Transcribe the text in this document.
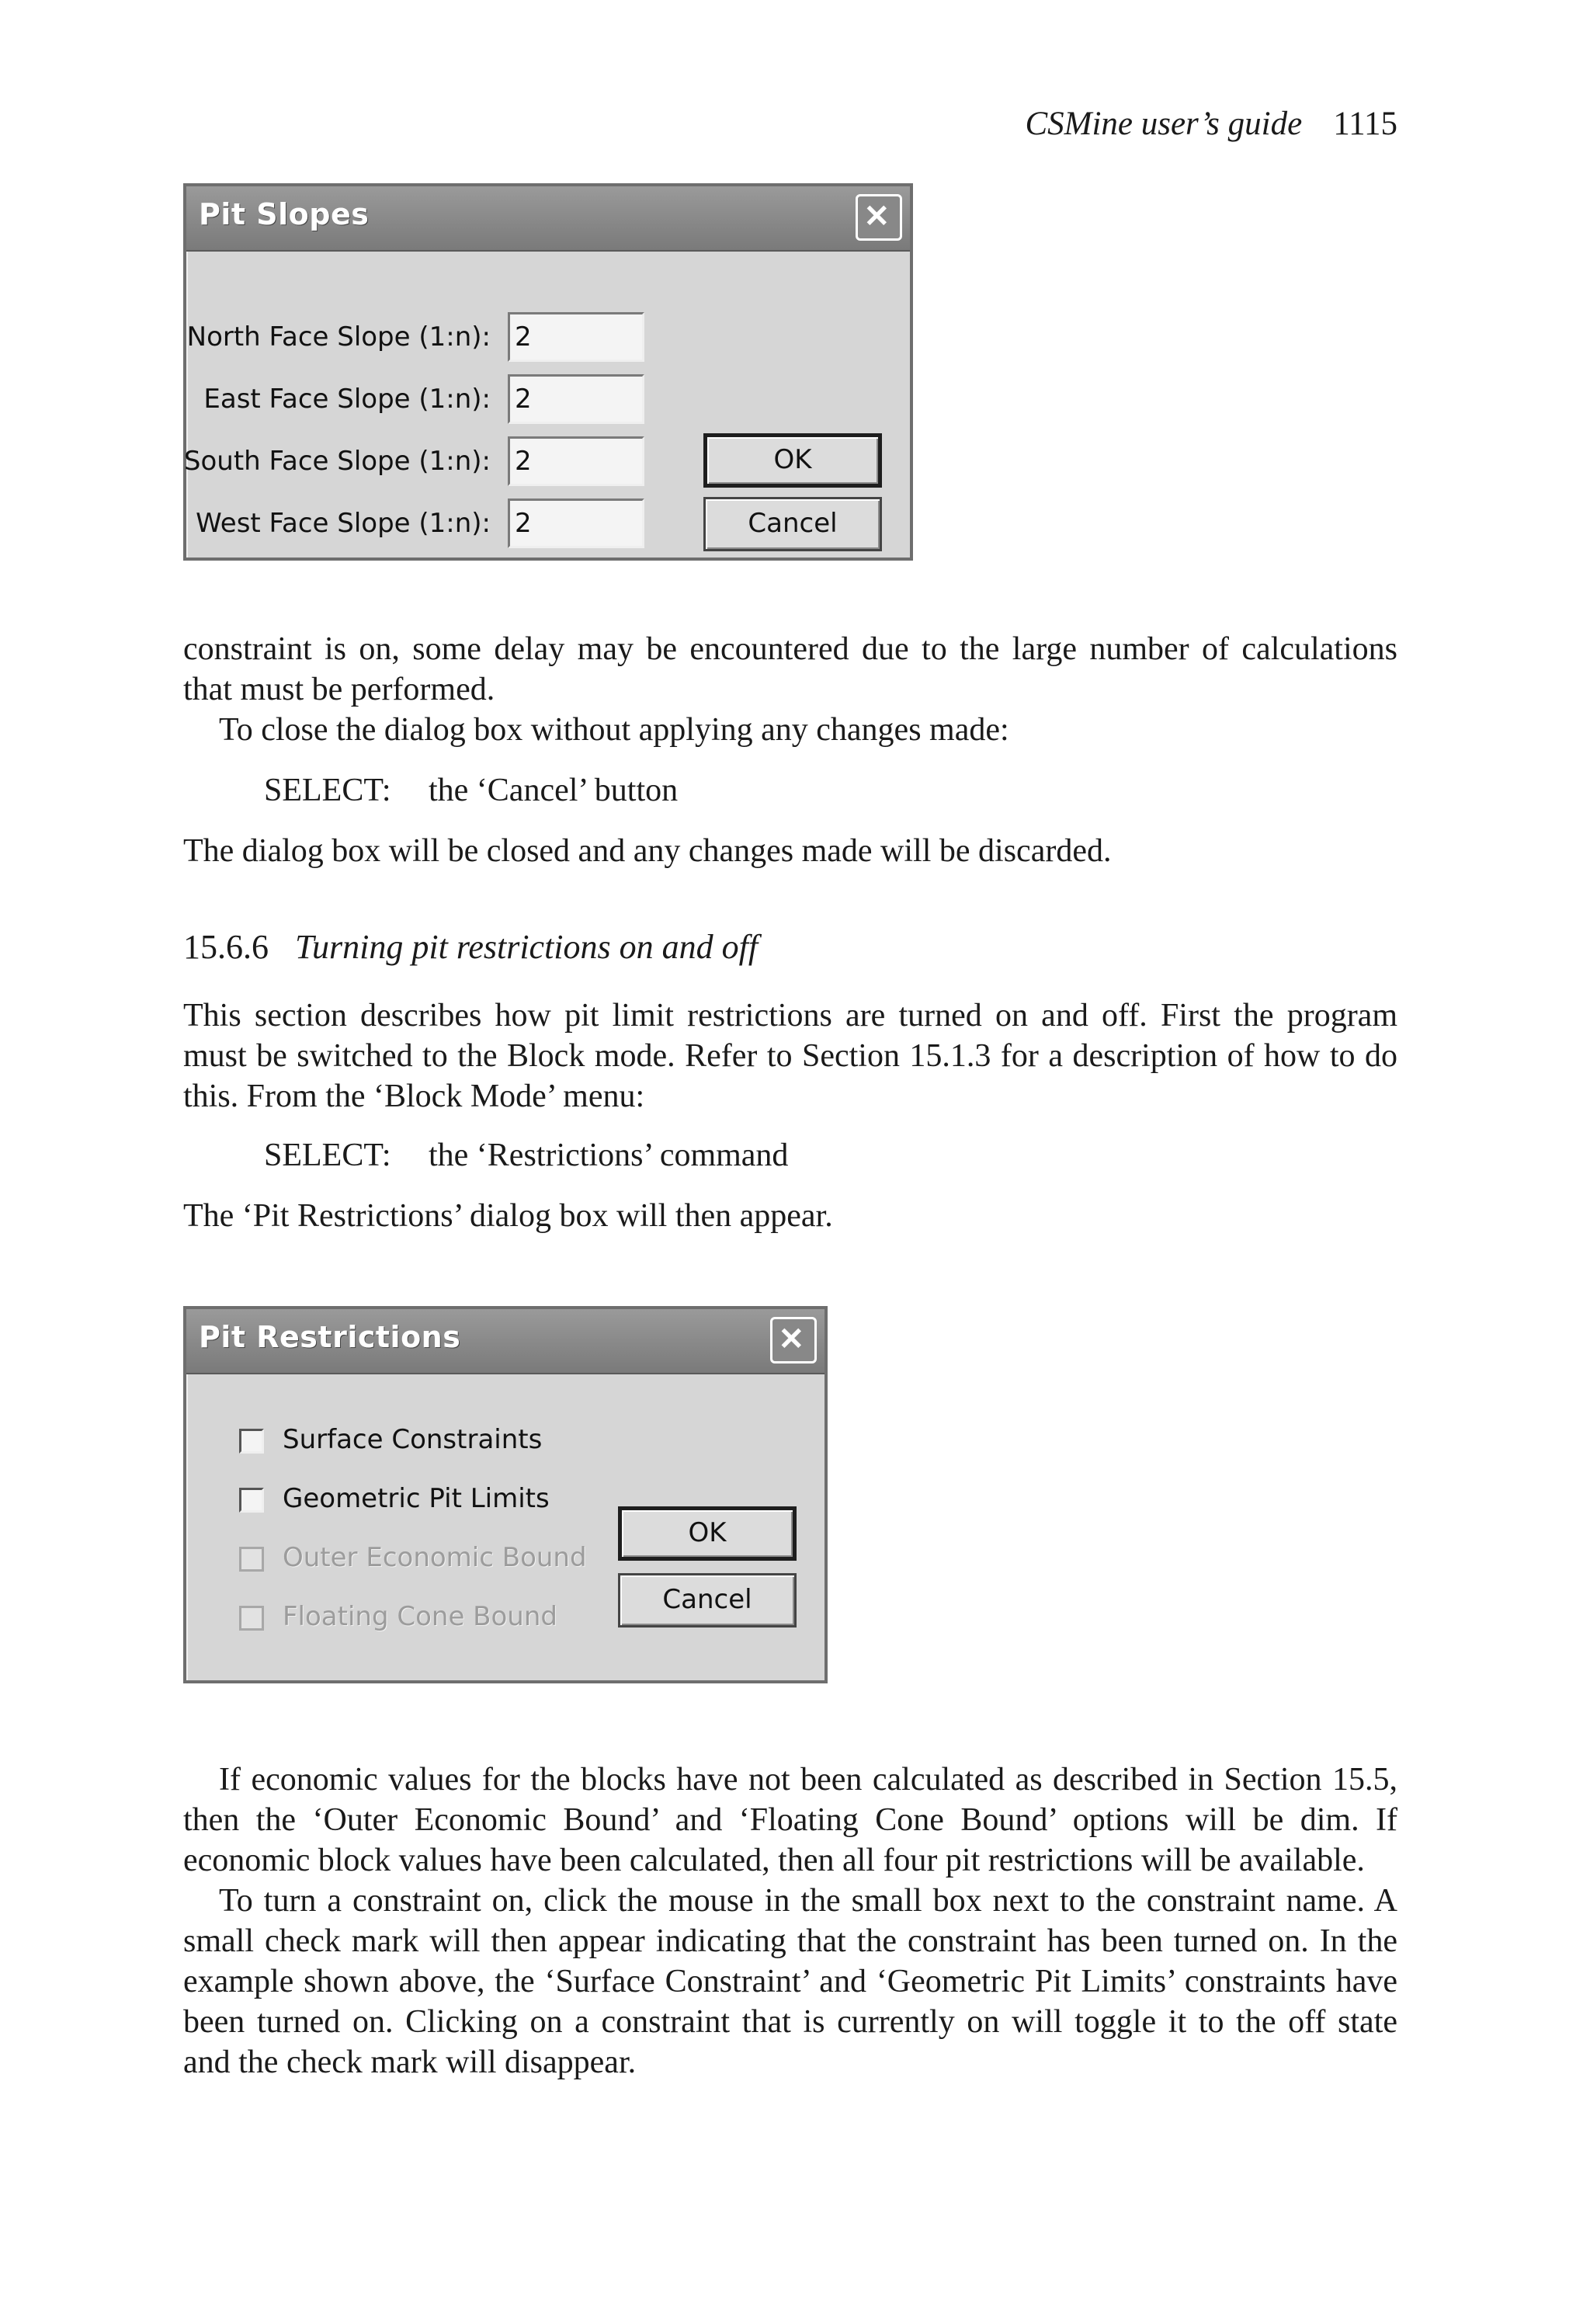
CSMine user’s guide 1115
Pit Slopes
North Face Slope (1:n):
2
East Face Slope (1:n):
2
South Face Slope (1:n):
2
West Face Slope (1:n):
2
OK
Cancel
constraint is on, some delay may be encountered due to the large number of calculations
that must be performed.
To close the dialog box without applying any changes made:
SELECT: the ‘Cancel’ button
The dialog box will be closed and any changes made will be discarded.
15.6.6 Turning pit restrictions on and off
This section describes how pit limit restrictions are turned on and off. First the program
must be switched to the Block mode. Refer to Section 15.1.3 for a description of how to do
this. From the ‘Block Mode’ menu:
SELECT: the ‘Restrictions’ command
The ‘Pit Restrictions’ dialog box will then appear.
Pit Restrictions
Surface Constraints
Geometric Pit Limits
Outer Economic Bound
Floating Cone Bound
OK
Cancel
If economic values for the blocks have not been calculated as described in Section 15.5,
then the ‘Outer Economic Bound’ and ‘Floating Cone Bound’ options will be dim. If
economic block values have been calculated, then all four pit restrictions will be available.
To turn a constraint on, click the mouse in the small box next to the constraint name. A
small check mark will then appear indicating that the constraint has been turned on. In the
example shown above, the ‘Surface Constraint’ and ‘Geometric Pit Limits’ constraints have
been turned on. Clicking on a constraint that is currently on will toggle it to the off state
and the check mark will disappear.
